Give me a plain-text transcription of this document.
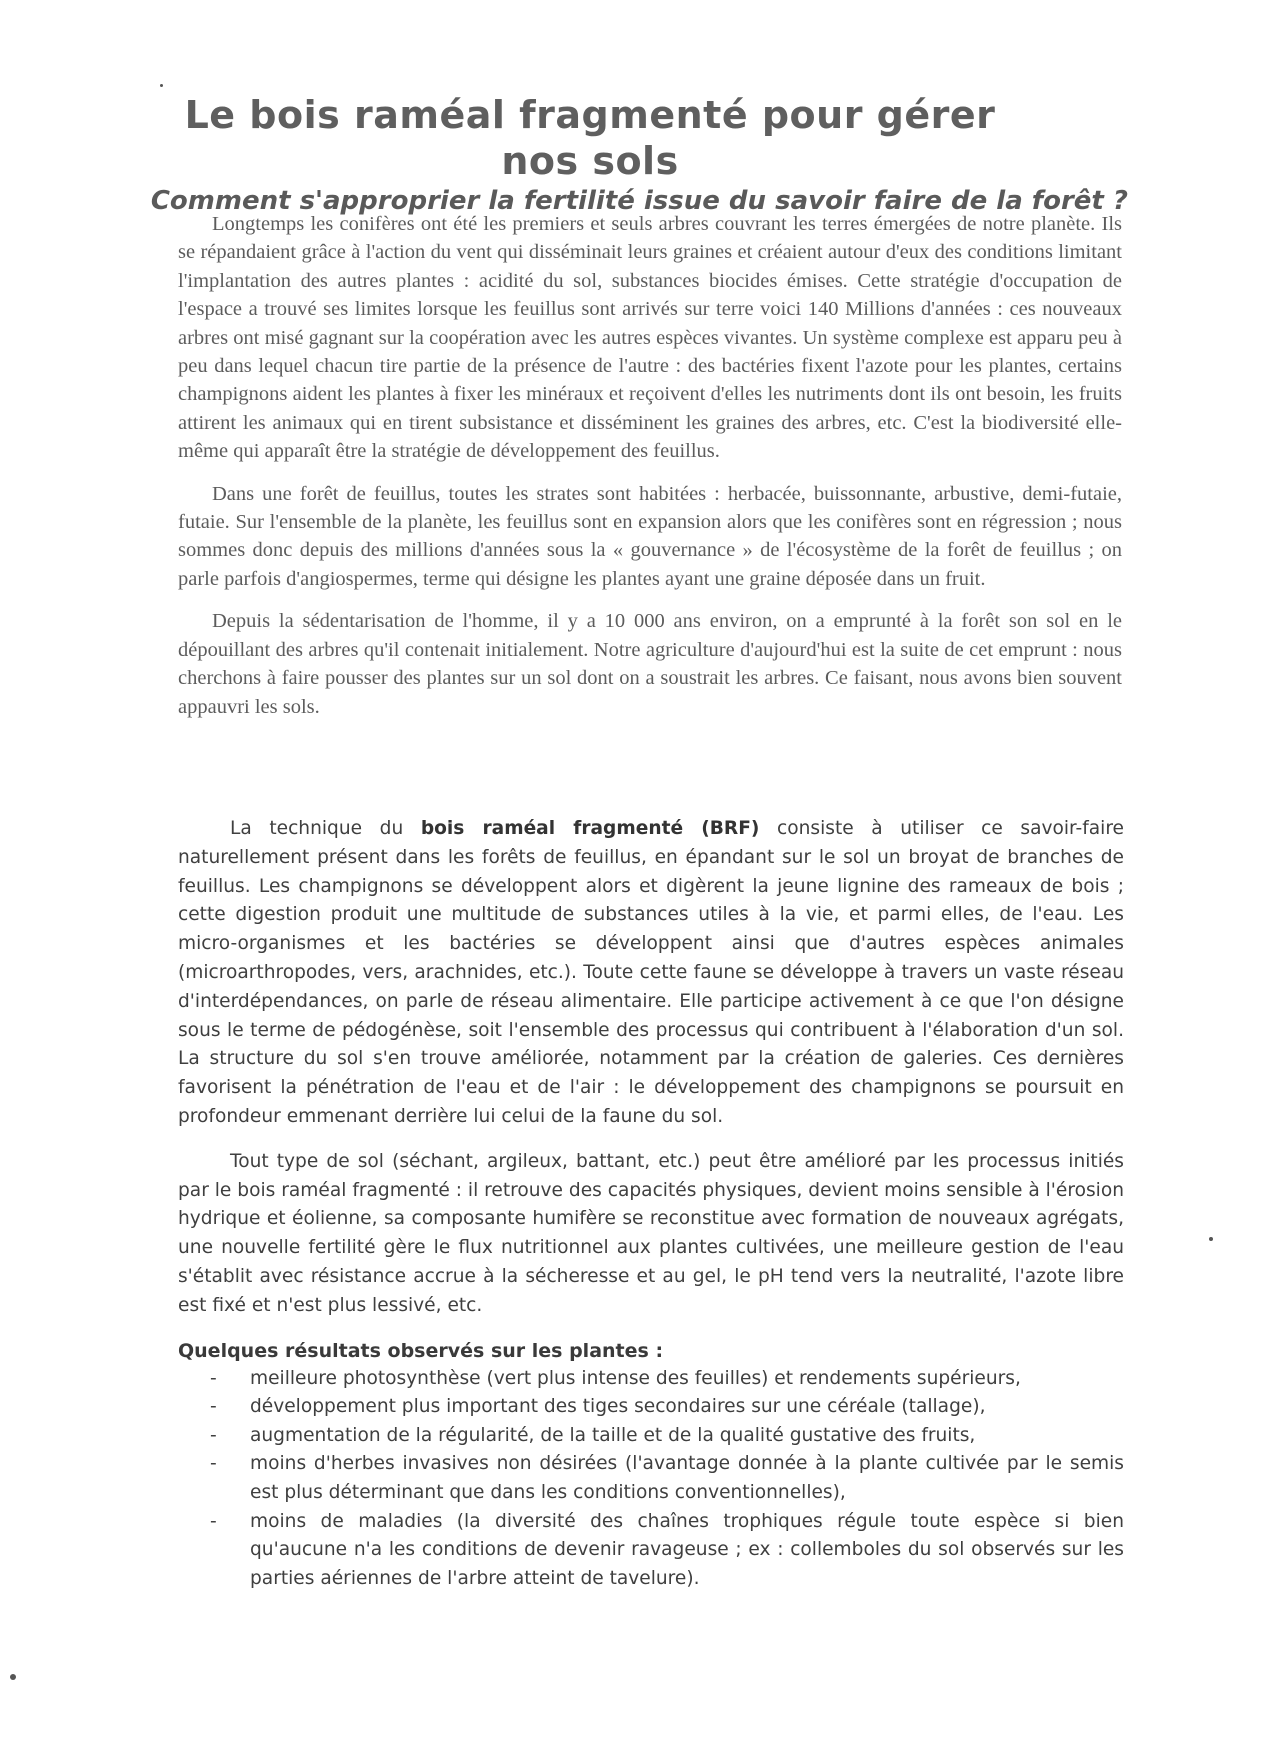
Le bois raméal fragmenté pour gérer nos sols
Comment s'approprier la fertilité issue du savoir faire de la forêt ?

Longtemps les conifères ont été les premiers et seuls arbres couvrant les terres émergées de notre planète. Ils se répandaient grâce à l'action du vent qui disséminait leurs graines et créaient autour d'eux des conditions limitant l'implantation des autres plantes : acidité du sol, substances biocides émises. Cette stratégie d'occupation de l'espace a trouvé ses limites lorsque les feuillus sont arrivés sur terre voici 140 Millions d'années : ces nouveaux arbres ont misé gagnant sur la coopération avec les autres espèces vivantes. Un système complexe est apparu peu à peu dans lequel chacun tire partie de la présence de l'autre : des bactéries fixent l'azote pour les plantes, certains champignons aident les plantes à fixer les minéraux et reçoivent d'elles les nutriments dont ils ont besoin, les fruits attirent les animaux qui en tirent subsistance et disséminent les graines des arbres, etc. C'est la biodiversité elle-même qui apparaît être la stratégie de développement des feuillus.

Dans une forêt de feuillus, toutes les strates sont habitées : herbacée, buissonnante, arbustive, demi-futaie, futaie. Sur l'ensemble de la planète, les feuillus sont en expansion alors que les conifères sont en régression ; nous sommes donc depuis des millions d'années sous la « gouvernance » de l'écosystème de la forêt de feuillus ; on parle parfois d'angiospermes, terme qui désigne les plantes ayant une graine déposée dans un fruit.

Depuis la sédentarisation de l'homme, il y a 10 000 ans environ, on a emprunté à la forêt son sol en le dépouillant des arbres qu'il contenait initialement. Notre agriculture d'aujourd'hui est la suite de cet emprunt : nous cherchons à faire pousser des plantes sur un sol dont on a soustrait les arbres. Ce faisant, nous avons bien souvent appauvri les sols.

La technique du bois raméal fragmenté (BRF) consiste à utiliser ce savoir-faire naturellement présent dans les forêts de feuillus, en épandant sur le sol un broyat de branches de feuillus. Les champignons se développent alors et digèrent la jeune lignine des rameaux de bois ; cette digestion produit une multitude de substances utiles à la vie, et parmi elles, de l'eau. Les micro-organismes et les bactéries se développent ainsi que d'autres espèces animales (microarthropodes, vers, arachnides, etc.). Toute cette faune se développe à travers un vaste réseau d'interdépendances, on parle de réseau alimentaire. Elle participe activement à ce que l'on désigne sous le terme de pédogénèse, soit l'ensemble des processus qui contribuent à l'élaboration d'un sol. La structure du sol s'en trouve améliorée, notamment par la création de galeries. Ces dernières favorisent la pénétration de l'eau et de l'air : le développement des champignons se poursuit en profondeur emmenant derrière lui celui de la faune du sol.

Tout type de sol (séchant, argileux, battant, etc.) peut être amélioré par les processus initiés par le bois raméal fragmenté : il retrouve des capacités physiques, devient moins sensible à l'érosion hydrique et éolienne, sa composante humifère se reconstitue avec formation de nouveaux agrégats, une nouvelle fertilité gère le flux nutritionnel aux plantes cultivées, une meilleure gestion de l'eau s'établit avec résistance accrue à la sécheresse et au gel, le pH tend vers la neutralité, l'azote libre est fixé et n'est plus lessivé, etc.

Quelques résultats observés sur les plantes :
- meilleure photosynthèse (vert plus intense des feuilles) et rendements supérieurs,
- développement plus important des tiges secondaires sur une céréale (tallage),
- augmentation de la régularité, de la taille et de la qualité gustative des fruits,
- moins d'herbes invasives non désirées (l'avantage donnée à la plante cultivée par le semis est plus déterminant que dans les conditions conventionnelles),
- moins de maladies (la diversité des chaînes trophiques régule toute espèce si bien qu'aucune n'a les conditions de devenir ravageuse ; ex : collemboles du sol observés sur les parties aériennes de l'arbre atteint de tavelure).
